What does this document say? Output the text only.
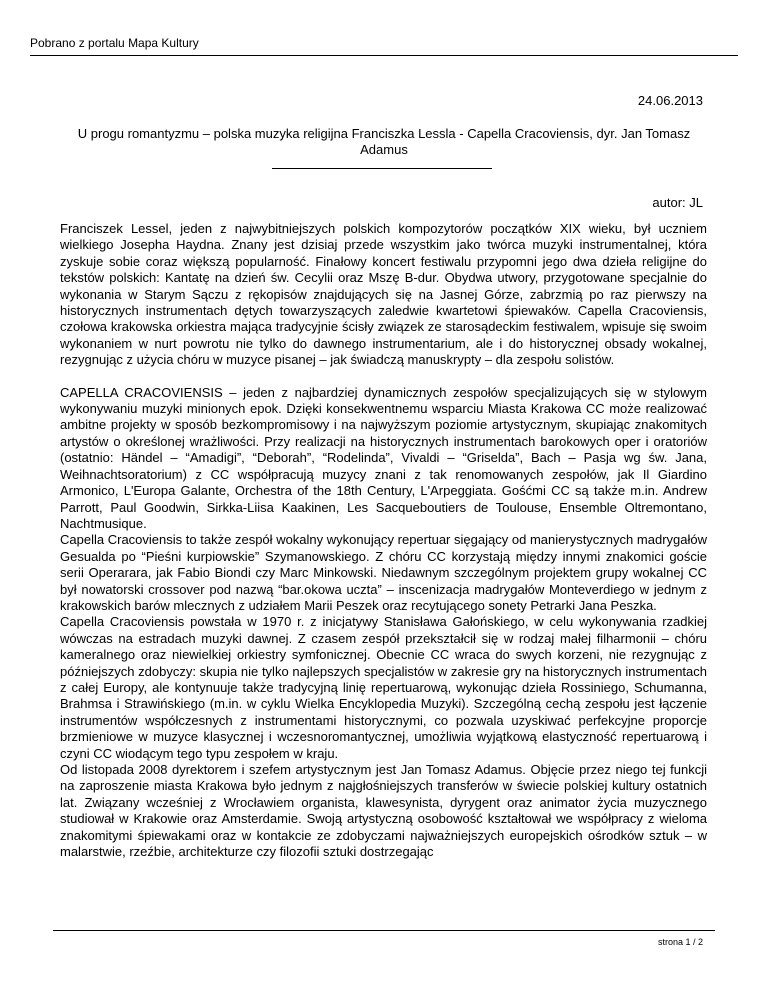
Pobrano z portalu Mapa Kultury
24.06.2013
U progu romantyzmu – polska muzyka religijna Franciszka Lessla - Capella Cracoviensis, dyr. Jan Tomasz Adamus
autor: JL

Franciszek Lessel, jeden z najwybitniejszych polskich kompozytorów początków XIX wieku, był uczniem wielkiego Josepha Haydna. Znany jest dzisiaj przede wszystkim jako twórca muzyki instrumentalnej, która zyskuje sobie coraz większą popularność. Finałowy koncert festiwalu przypomni jego dwa dzieła religijne do tekstów polskich: Kantatę na dzień św. Cecylii oraz Mszę B-dur. Obydwa utwory, przygotowane specjalnie do wykonania w Starym Sączu z rękopisów znajdujących się na Jasnej Górze, zabrzmią po raz pierwszy na historycznych instrumentach dętych towarzyszących zaledwie kwartetowi śpiewaków. Capella Cracoviensis, czołowa krakowska orkiestra mająca tradycyjnie ścisły związek ze starosądeckim festiwalem, wpisuje się swoim wykonaniem w nurt powrotu nie tylko do dawnego instrumentarium, ale i do historycznej obsady wokalnej, rezygnując z użycia chóru w muzyce pisanej – jak świadczą manuskrypty – dla zespołu solistów.

CAPELLA CRACOVIENSIS – jeden z najbardziej dynamicznych zespołów specjalizujących się w stylowym wykonywaniu muzyki minionych epok. Dzięki konsekwentnemu wsparciu Miasta Krakowa CC może realizować ambitne projekty w sposób bezkompromisowy i na najwyższym poziomie artystycznym, skupiając znakomitych artystów o określonej wrażliwości. Przy realizacji na historycznych instrumentach barokowych oper i oratoriów (ostatnio: Händel – “Amadigi”, “Deborah”, “Rodelinda”, Vivaldi – “Griselda”, Bach – Pasja wg św. Jana, Weihnachtsoratorium) z CC współpracują muzycy znani z tak renomowanych zespołów, jak Il Giardino Armonico, L'Europa Galante, Orchestra of the 18th Century, L'Arpeggiata. Gośćmi CC są także m.in. Andrew Parrott, Paul Goodwin, Sirkka-Liisa Kaakinen, Les Sacqueboutiers de Toulouse, Ensemble Oltremontano, Nachtmusique.

Capella Cracoviensis to także zespół wokalny wykonujący repertuar sięgający od manierystycznych madrygałów Gesualda po “Pieśni kurpiowskie” Szymanowskiego. Z chóru CC korzystają między innymi znakomici goście serii Operarara, jak Fabio Biondi czy Marc Minkowski. Niedawnym szczególnym projektem grupy wokalnej CC był nowatorski crossover pod nazwą “bar.okowa uczta” – inscenizacja madrygałów Monteverdiego w jednym z krakowskich barów mlecznych z udziałem Marii Peszek oraz recytującego sonety Petrarki Jana Peszka.

Capella Cracoviensis powstała w 1970 r. z inicjatywy Stanisława Gałońskiego, w celu wykonywania rzadkiej wówczas na estradach muzyki dawnej. Z czasem zespół przekształcił się w rodzaj małej filharmonii – chóru kameralnego oraz niewielkiej orkiestry symfonicznej. Obecnie CC wraca do swych korzeni, nie rezygnując z późniejszych zdobyczy: skupia nie tylko najlepszych specjalistów w zakresie gry na historycznych instrumentach z całej Europy, ale kontynuuje także tradycyjną linię repertuarową, wykonując dzieła Rossiniego, Schumanna, Brahmsa i Strawińskiego (m.in. w cyklu Wielka Encyklopedia Muzyki). Szczególną cechą zespołu jest łączenie instrumentów współczesnych z instrumentami historycznymi, co pozwala uzyskiwać perfekcyjne proporcje brzmieniowe w muzyce klasycznej i wczesnoromantycznej, umożliwia wyjątkową elastyczność repertuarową i czyni CC wiodącym tego typu zespołem w kraju.

Od listopada 2008 dyrektorem i szefem artystycznym jest Jan Tomasz Adamus. Objęcie przez niego tej funkcji na zaproszenie miasta Krakowa było jednym z najgłośniejszych transferów w świecie polskiej kultury ostatnich lat. Związany wcześniej z Wrocławiem organista, klawesynista, dyrygent oraz animator życia muzycznego studiował w Krakowie oraz Amsterdamie. Swoją artystyczną osobowość kształtował we współpracy z wieloma znakomitymi śpiewakami oraz w kontakcie ze zdobyczami najważniejszych europejskich ośrodków sztuk – w malarstwie, rzeźbie, architekturze czy filozofii sztuki dostrzegając

strona 1 / 2
